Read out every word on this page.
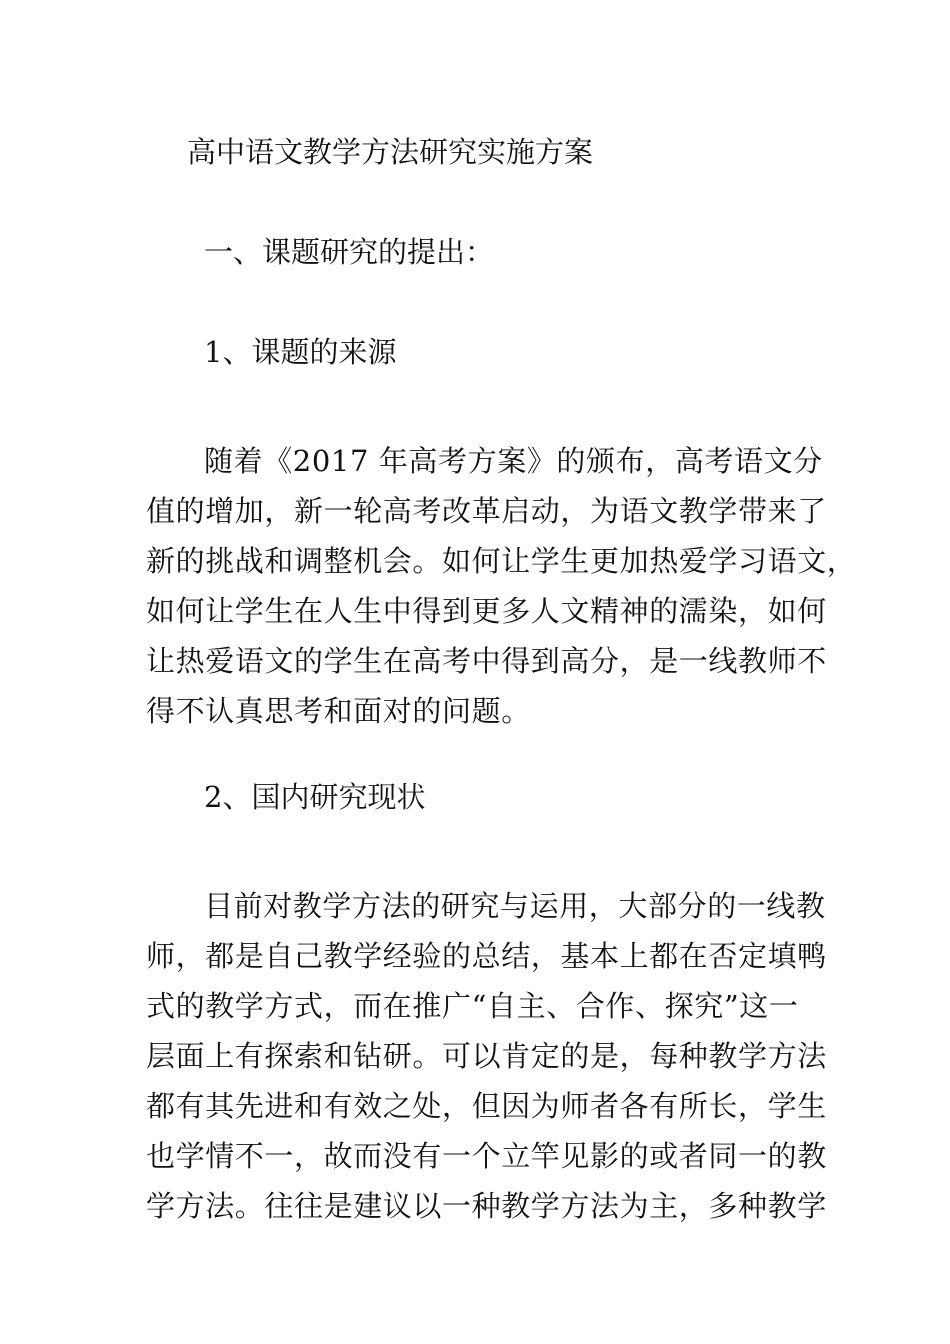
高中语文教学方法研究实施方案
一、课题研究的提出：
1、课题的来源
随着《2017 年高考方案》的颁布，高考语文分
值的增加，新一轮高考改革启动，为语文教学带来了
新的挑战和调整机会。如何让学生更加热爱学习语文，
如何让学生在人生中得到更多人文精神的濡染，如何
让热爱语文的学生在高考中得到高分，是一线教师不
得不认真思考和面对的问题。
2、国内研究现状
目前对教学方法的研究与运用，大部分的一线教
师，都是自己教学经验的总结，基本上都在否定填鸭
式的教学方式，而在推广“自主、合作、探究”这一
层面上有探索和钻研。可以肯定的是，每种教学方法
都有其先进和有效之处，但因为师者各有所长，学生
也学情不一，故而没有一个立竿见影的或者同一的教
学方法。往往是建议以一种教学方法为主，多种教学
